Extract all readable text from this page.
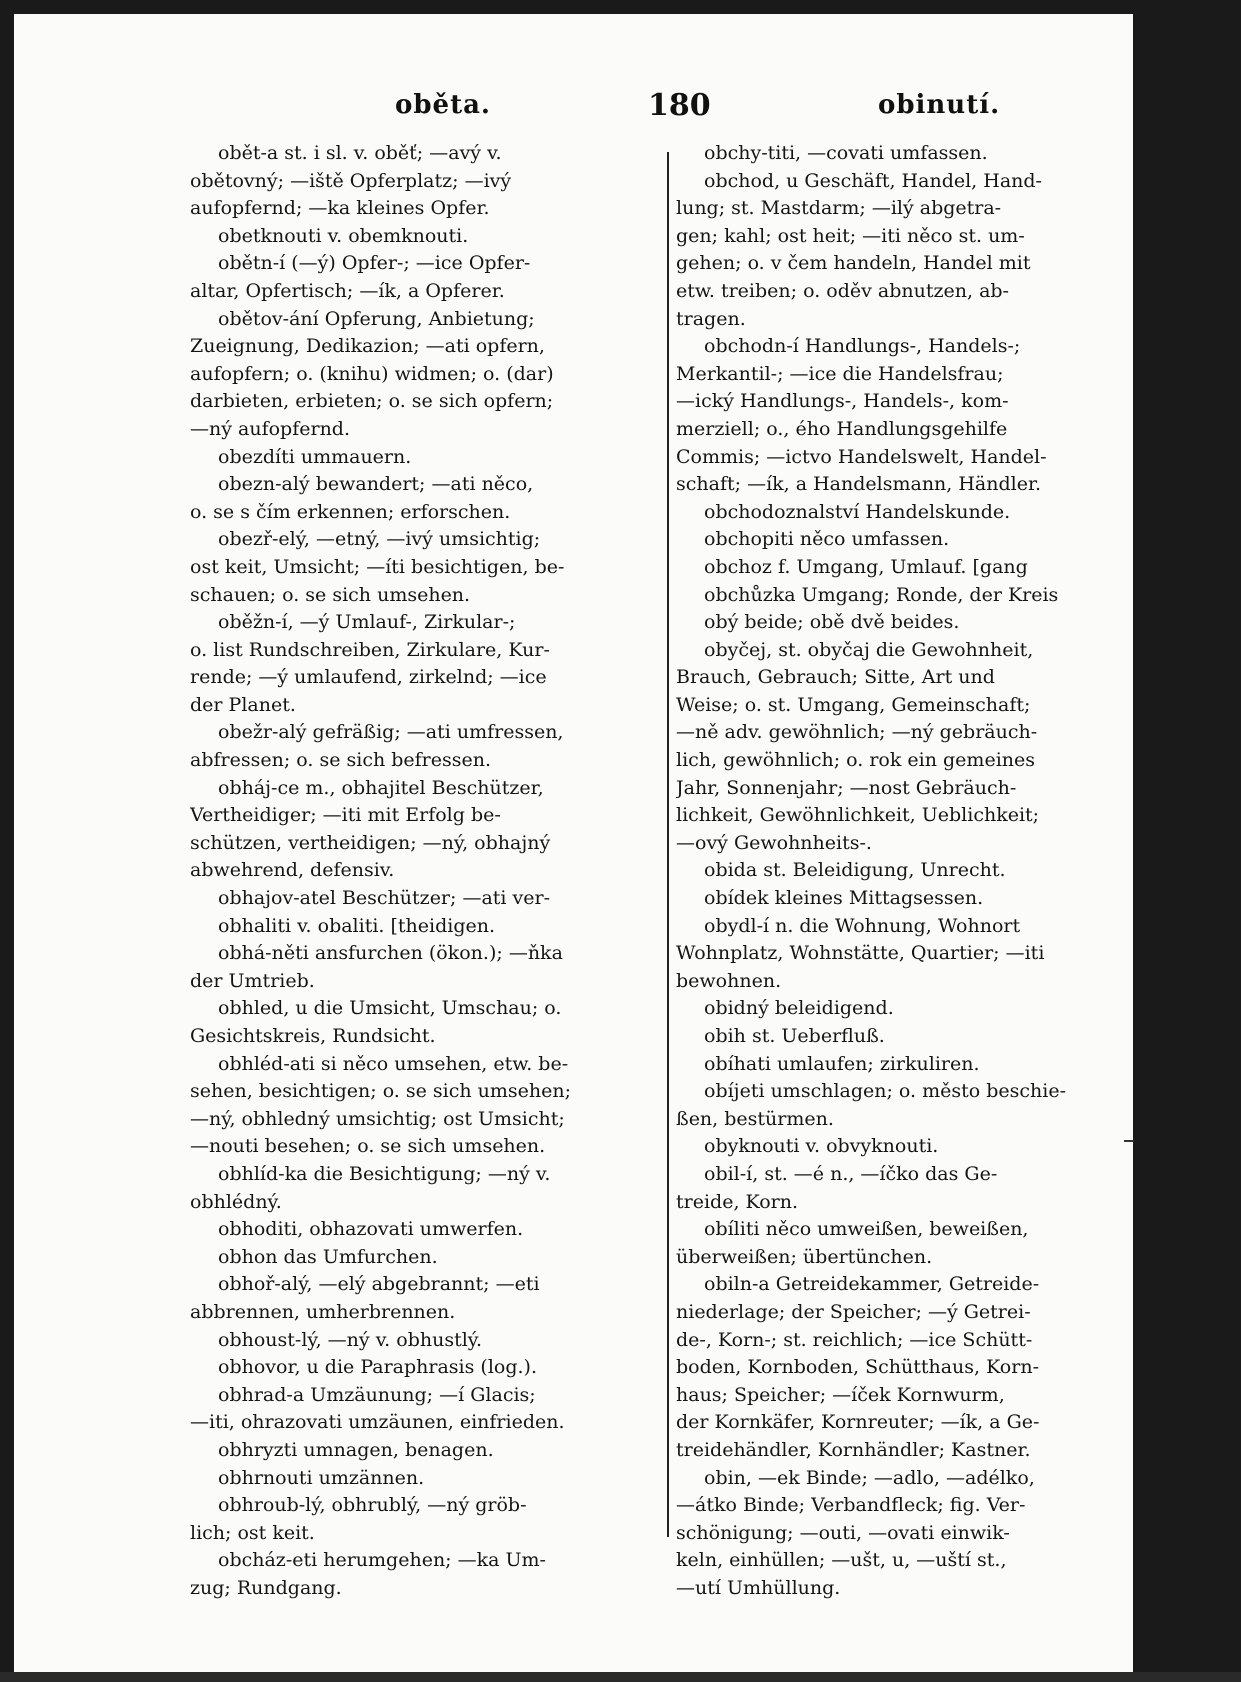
oběta.	180	obinutí.
obět-a st. i sl. v. oběť; —avý v.
obětovný; —iště Opferplatz; —ivý
aufopfernd; —ka kleines Opfer.
obetknouti v. obemknouti.
obětn-í (—ý) Opfer-; —ice Opfer-
altar, Opfertisch; —ík, a Opferer.
obětov-ání Opferung, Anbietung;
Zueignung, Dedikazion; —ati opfern,
aufopfern; o. (knihu) widmen; o. (dar)
darbieten, erbieten; o. se sich opfern;
—ný aufopfernd.
obezdíti ummauern.
obezn-alý bewandert; —ati něco,
o. se s čím erkennen; erforschen.
obezř-elý, —etný, —ivý umsichtig;
ost keit, Umsicht; —íti besichtigen, be-
schauen; o. se sich umsehen.
oběžn-í, —ý Umlauf-, Zirkular-;
o. list Rundschreiben, Zirkulare, Kur-
rende; —ý umlaufend, zirkelnd; —ice
der Planet.
obežr-alý gefräßig; —ati umfressen,
abfressen; o. se sich befressen.
obháj-ce m., obhajitel Beschützer,
Vertheidiger; —iti mit Erfolg be-
schützen, vertheidigen; —ný, obhajný
abwehrend, defensiv.
obhajov-atel Beschützer; —ati ver-
obhaliti v. obaliti. [theidigen.
obhá-něti ansfurchen (ökon.); —ňka
der Umtrieb.
obhled, u die Umsicht, Umschau; o.
Gesichtskreis, Rundsicht.
obhléd-ati si něco umsehen, etw. be-
sehen, besichtigen; o. se sich umsehen;
—ný, obhledný umsichtig; ost Umsicht;
—nouti besehen; o. se sich umsehen.
obhlíd-ka die Besichtigung; —ný v.
obhlédný.
obhoditi, obhazovati umwerfen.
obhon das Umfurchen.
obhoř-alý, —elý abgebrannt; —eti
abbrennen, umherbrennen.
obhoust-lý, —ný v. obhustlý.
obhovor, u die Paraphrasis (log.).
obhrad-a Umzäunung; —í Glacis;
—iti, ohrazovati umzäunen, einfrieden.
obhryzti umnagen, benagen.
obhrnouti umzännen.
obhroub-lý, obhrublý, —ný gröb-
lich; ost keit.
obcház-eti herumgehen; —ka Um-
zug; Rundgang.
obchy-titi, —covati umfassen.
obchod, u Geschäft, Handel, Hand-
lung; st. Mastdarm; —ilý abgetra-
gen; kahl; ost heit; —iti něco st. um-
gehen; o. v čem handeln, Handel mit
etw. treiben; o. oděv abnutzen, ab-
tragen.
obchodn-í Handlungs-, Handels-;
Merkantil-; —ice die Handelsfrau;
—ický Handlungs-, Handels-, kom-
merziell; o., ého Handlungsgehilfe
Commis; —ictvo Handelswelt, Handel-
schaft; —ík, a Handelsmann, Händler.
obchodoznalství Handelskunde.
obchopiti něco umfassen.
obchoz f. Umgang, Umlauf. [gang
obchůzka Umgang; Ronde, der Kreis
obý beide; obě dvě beides.
obyčej, st. obyčaj die Gewohnheit,
Brauch, Gebrauch; Sitte, Art und
Weise; o. st. Umgang, Gemeinschaft;
—ně adv. gewöhnlich; —ný gebräuch-
lich, gewöhnlich; o. rok ein gemeines
Jahr, Sonnenjahr; —nost Gebräuch-
lichkeit, Gewöhnlichkeit, Ueblichkeit;
—ový Gewohnheits-.
obida st. Beleidigung, Unrecht.
obídek kleines Mittagsessen.
obydl-í n. die Wohnung, Wohnort
Wohnplatz, Wohnstätte, Quartier; —iti
bewohnen.
obidný beleidigend.
obih st. Ueberfluß.
obíhati umlaufen; zirkuliren.
obíjeti umschlagen; o. město beschie-
ßen, bestürmen.
obyknouti v. obvyknouti.
obil-í, st. —é n., —íčko das Ge-
treide, Korn.
obíliti něco umweißen, beweißen,
überweißen; übertünchen.
obiln-a Getreidekammer, Getreide-
niederlage; der Speicher; —ý Getrei-
de-, Korn-; st. reichlich; —ice Schütt-
boden, Kornboden, Schütthaus, Korn-
haus; Speicher; —íček Kornwurm,
der Kornkäfer, Kornreuter; —ík, a Ge-
treidehändler, Kornhändler; Kastner.
obin, —ek Binde; —adlo, —adélko,
—átko Binde; Verbandfleck; fig. Ver-
schönigung; —outi, —ovati einwik-
keln, einhüllen; —ušt, u, —uští st.,
—utí Umhüllung.
